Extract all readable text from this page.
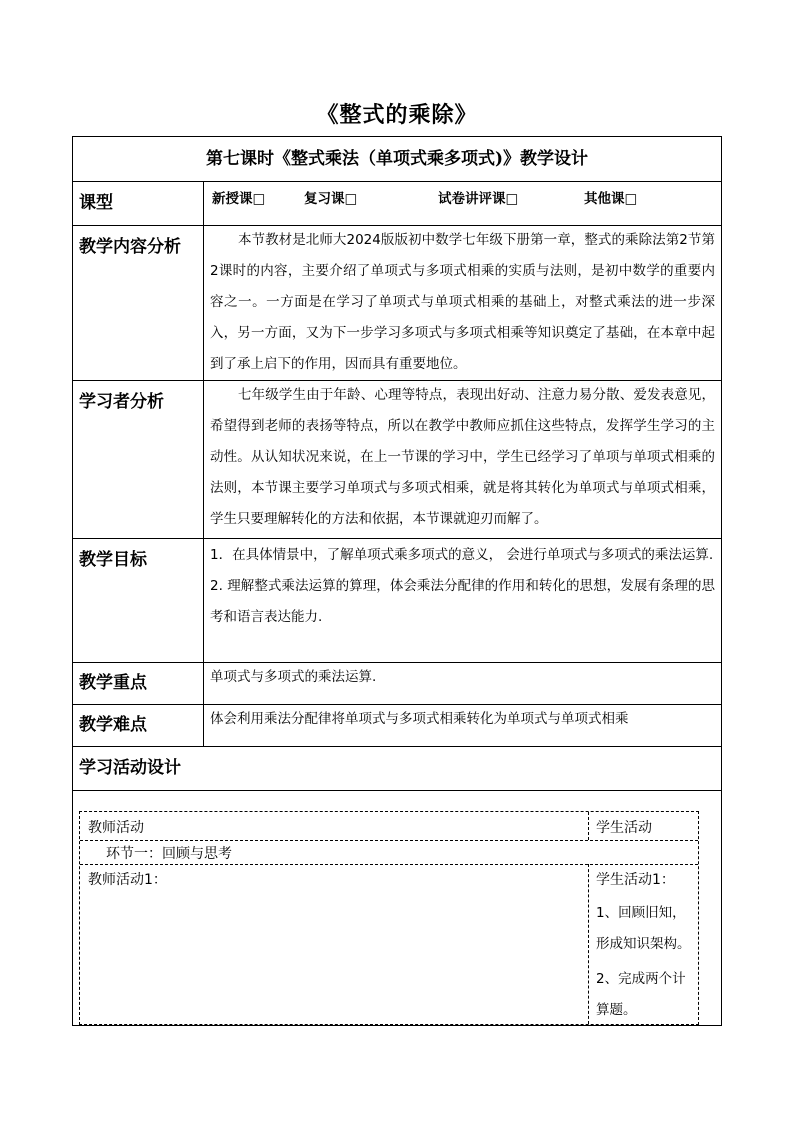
《整式的乘除》
第七课时《整式乘法（单项式乘多项式)》教学设计
课型	新授课□	复习课□	试卷讲评课□	其他课□
教学内容分析	本节教材是北师大2024版版初中数学七年级下册第一章，整式的乘除法第2节第2课时的内容，主要介绍了单项式与多项式相乘的实质与法则，是初中数学的重要内容之一。一方面是在学习了单项式与单项式相乘的基础上，对整式乘法的进一步深入，另一方面，又为下一步学习多项式与多项式相乘等知识奠定了基础，在本章中起到了承上启下的作用，因而具有重要地位。
学习者分析	七年级学生由于年龄、心理等特点，表现出好动、注意力易分散、爱发表意见，希望得到老师的表扬等特点，所以在教学中教师应抓住这些特点，发挥学生学习的主动性。从认知状况来说，在上一节课的学习中，学生已经学习了单项与单项式相乘的法则，本节课主要学习单项式与多项式相乘，就是将其转化为单项式与单项式相乘，学生只要理解转化的方法和依据，本节课就迎刃而解了。
教学目标	1．在具体情景中，了解单项式乘多项式的意义， 会进行单项式与多项式的乘法运算.
2. 理解整式乘法运算的算理，体会乘法分配律的作用和转化的思想，发展有条理的思考和语言表达能力.
教学重点	单项式与多项式的乘法运算.
教学难点	体会利用乘法分配律将单项式与多项式相乘转化为单项式与单项式相乘
学习活动设计
教师活动	学生活动
环节一：回顾与思考
教师活动1：	学生活动1：
1、回顾旧知，形成知识架构。
2、完成两个计算题。
